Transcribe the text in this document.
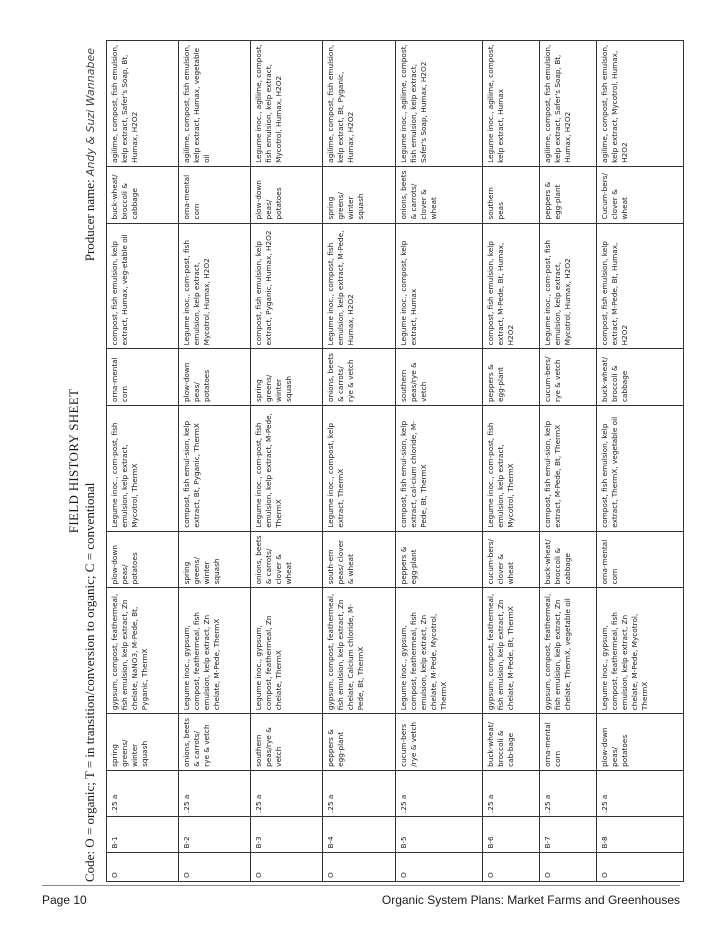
FIELD HISTORY SHEET
Code: O = organic; T = in transition/conversion to organic; C = conventional
Producer name: Andy & Suzi Wannabee
O	B-1	.25 a	spring greens/ winter squash	gypsum, compost, feathermeal, fish emulsion, kelp extract, Zn chelate, NaNO3, M-Pede, Bt, Pyganic, ThermX	plow-down peas/ potatoes	Legume inoc., com-post, fish emulsion, kelp extract, Mycotrol, ThermX	orna-mental corn	compost, fish emulsion, kelp extract, Humax, veg-etable oil	buck-wheat/ broccoli & cabbage	agilime, compost, fish emulsion, kelp extract, Safer's Soap, Bt, Humax, H2O2
O	B-2	.25 a	onions, beets & carrots/ rye & vetch	Legume inoc., gypsum, compost, feathermeal, fish emulsion, kelp extract, Zn chelate, M-Pede, ThermX	spring greens/ winter squash	compost, fish emul-sion, kelp extract, Bt, Pyganic, ThermX	plow-down peas/ potatoes	Legume inoc., com-post, fish emulsion, kelp extract, Mycotrol, Humax, H2O2	orna-mental corn	agilime, compost, fish emulsion, kelp extract, Humax, vegetable oil
O	B-3	.25 a	southern peas/rye & vetch	Legume inoc., gypsum, compost, feathermeal, Zn chelate, ThermX	onions, beets & carrots/ clover & wheat	Legume inoc., com-post, fish emulsion, kelp extract, M-Pede, ThermX	spring greens/ winter squash	compost, fish emulsion, kelp extract, Pyganic, Humax, H2O2	plow-down peas/ potatoes	Legume inoc., agilime, compost, fish emulsion, kelp extract, Mycotrol, Humax, H2O2
O	B-4	.25 a	peppers & egg-plant	gypsum, compost, feathermeal, fish emulsion, kelp extract, Zn chelate, Calcium chloride, M-Pede, Bt, ThermX	south-ern peas/ clover & wheat	Legume inoc., compost, kelp extract, ThermX	onions, beets & carrots/ rye & vetch	Legume inoc., compost, fish emulsion, kelp extract, M-Pede, Humax, H2O2	spring greens/ winter squash	agilime, compost, fish emulsion, kelp extract, Bt, Pyganic, Humax, H2O2
O	B-5	.25 a	cucum-bers /rye & vetch	Legume inoc., gypsum, compost, feathermeal, fish emulsion, kelp extract, Zn chelate, M-Pede, Mycotrol, ThermX	peppers & egg-plant	compost, fish emul-sion, kelp extract, cal-cium chloride, M-Pede, Bt, ThermX	southern peas/rye & vetch	Legume inoc., compost, kelp extract, Humax	onions, beets & carrots/ clover & wheat	Legume inoc., agilime, compost, fish emulsion, kelp extract, Safer's Soap, Humax, H2O2
O	B-6	.25 a	buck-wheat/ broccoli & cab-bage	gypsum, compost, feathermeal, fish emulsion, kelp extract, Zn chelate, M-Pede, Bt, ThermX	cucum-bers/ clover & wheat	Legume inoc., com-post, fish emulsion, kelp extract, Mycotrol, ThermX	peppers & egg-plant	compost, fish emulsion, kelp extract, M-Pede, Bt, Humax, H2O2	southern peas	Legume inoc., agilime, compost, kelp extract, Humax
O	B-7	.25 a	orna-mental corn	gypsum, compost, feathermeal, fish emulsion, kelp extract, Zn chelate, ThermX, vegetable oil	buck-wheat/ broccoli & cabbage	compost, fish emul-sion, kelp extract, M-Pede, Bt, ThermX	cucum-bers/ rye & vetch	Legume inoc., com-post, fish emulsion, kelp extract, Mycotrol, Humax, H2O2	peppers & egg-plant	agilime, compost, fish emulsion, kelp extract, Safer's Soap, Bt, Humax, H2O2
O	B-8	.25 a	plow-down peas/ potatoes	Legume inoc., gypsum, compost, feathermeal, fish emulsion, kelp extract, Zn chelate, M-Pede, Mycotrol, ThermX	orna-mental corn	compost, fish emulsion, kelp extract, ThermX, vegetable oil	buck-wheat/ broccoli & cabbage	compost, fish emulsion, kelp extract, M-Pede, Bt, Humax, H2O2	Cucum-bers/ clover & wheat	agilime, compost, fish emulsion, kelp extract, Mycotrol, Humax, H2O2
Page 10	Organic System Plans: Market Farms and Greenhouses
